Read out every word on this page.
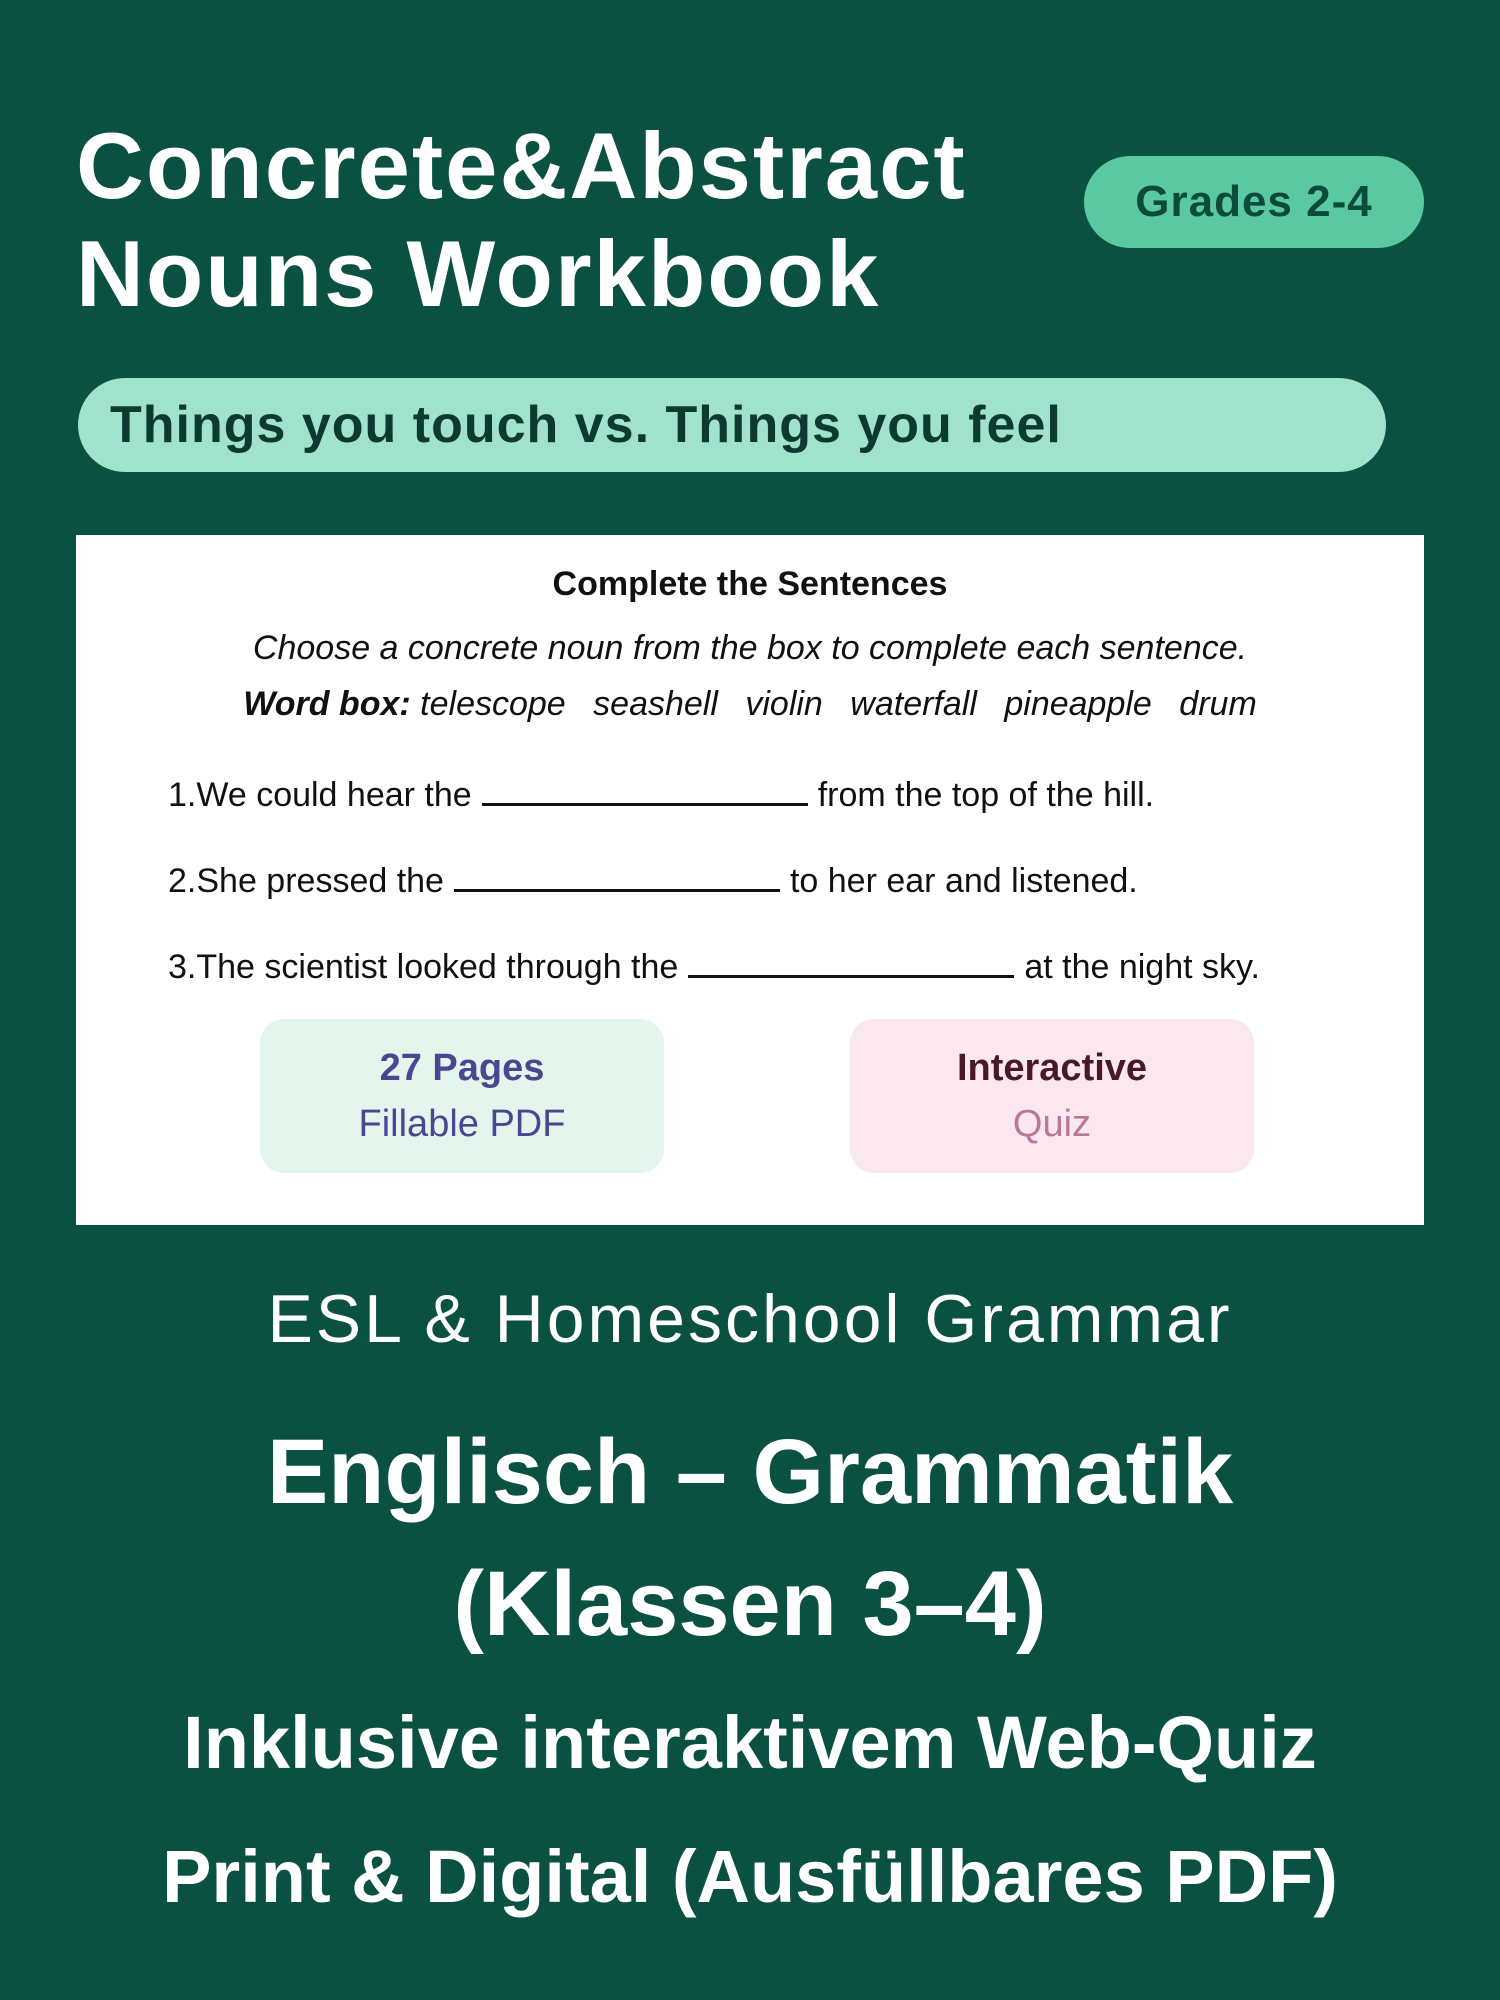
Concrete&Abstract
Nouns Workbook
Grades 2-4
Things you touch vs. Things you feel
Complete the Sentences
Choose a concrete noun from the box to complete each sentence.
Word box: telescope seashell violin waterfall pineapple drum
1.We could hear the	from the top of the hill.
2.She pressed the	to her ear and listened.
3.The scientist looked through the	at the night sky.
27 Pages
Fillable PDF
Interactive
Quiz
ESL & Homeschool Grammar
Englisch – Grammatik
(Klassen 3–4)
Inklusive interaktivem Web-Quiz
Print & Digital (Ausfüllbares PDF)
